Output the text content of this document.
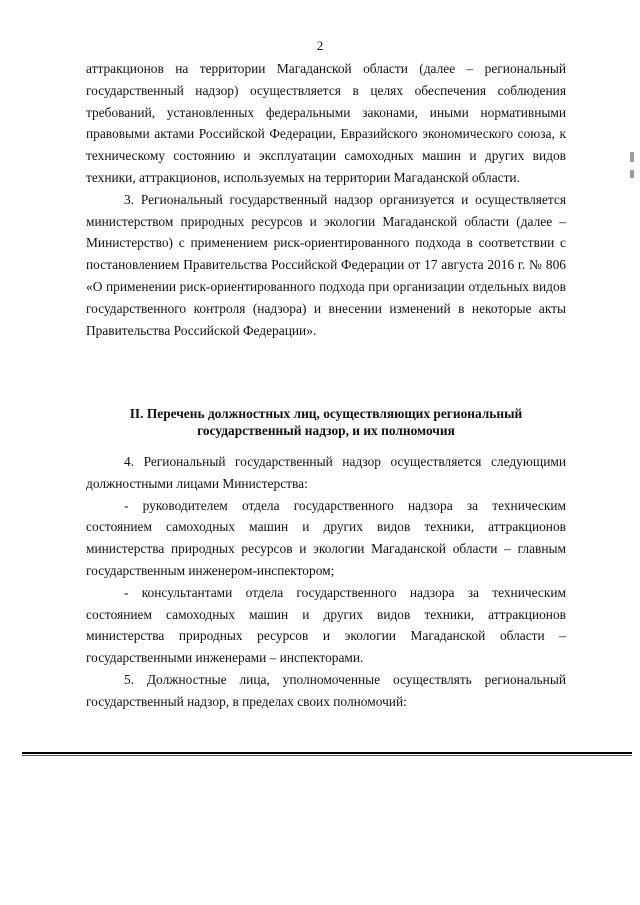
2

аттракционов на территории Магаданской области (далее – региональный государственный надзор) осуществляется в целях обеспечения соблюдения требований, установленных федеральными законами, иными нормативными правовыми актами Российской Федерации, Евразийского экономического союза, к техническому состоянию и эксплуатации самоходных машин и других видов техники, аттракционов, используемых на территории Магаданской области.

3. Региональный государственный надзор организуется и осуществляется министерством природных ресурсов и экологии Магаданской области (далее – Министерство) с применением риск-ориентированного подхода в соответствии с постановлением Правительства Российской Федерации от 17 августа 2016 г. № 806 «О применении риск-ориентированного подхода при организации отдельных видов государственного контроля (надзора) и внесении изменений в некоторые акты Правительства Российской Федерации».

II. Перечень должностных лиц, осуществляющих региональный государственный надзор, и их полномочия

4. Региональный государственный надзор осуществляется следующими должностными лицами Министерства:

- руководителем отдела государственного надзора за техническим состоянием самоходных машин и других видов техники, аттракционов министерства природных ресурсов и экологии Магаданской области – главным государственным инженером-инспектором;

- консультантами отдела государственного надзора за техническим состоянием самоходных машин и других видов техники, аттракционов министерства природных ресурсов и экологии Магаданской области – государственными инженерами – инспекторами.

5. Должностные лица, уполномоченные осуществлять региональный государственный надзор, в пределах своих полномочий:
